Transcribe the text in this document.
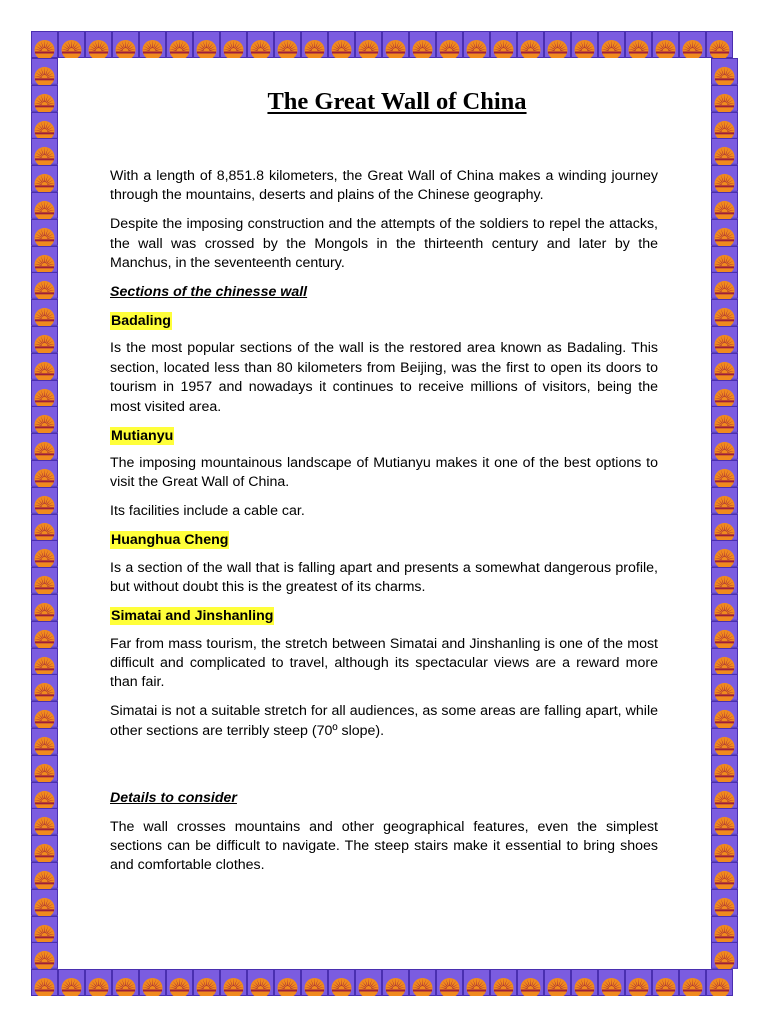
The Great Wall of China

With a length of 8,851.8 kilometers, the Great Wall of China makes a winding journey through the mountains, deserts and plains of the Chinese geography.

Despite the imposing construction and the attempts of the soldiers to repel the attacks, the wall was crossed by the Mongols in the thirteenth century and later by the Manchus, in the seventeenth century.

Sections of the chinesse wall
Badaling

Is the most popular sections of the wall is the restored area known as Badaling. This section, located less than 80 kilometers from Beijing, was the first to open its doors to tourism in 1957 and nowadays it continues to receive millions of visitors, being the most visited area.

Mutianyu

The imposing mountainous landscape of Mutianyu makes it one of the best options to visit the Great Wall of China.

Its facilities include a cable car.

Huanghua Cheng

Is a section of the wall that is falling apart and presents a somewhat dangerous profile, but without doubt this is the greatest of its charms.

Simatai and Jinshanling

Far from mass tourism, the stretch between Simatai and Jinshanling is one of the most difficult and complicated to travel, although its spectacular views are a reward more than fair.

Simatai is not a suitable stretch for all audiences, as some areas are falling apart, while other sections are terribly steep (70º slope).

Details to consider

The wall crosses mountains and other geographical features, even the simplest sections can be difficult to navigate. The steep stairs make it essential to bring shoes and comfortable clothes.
